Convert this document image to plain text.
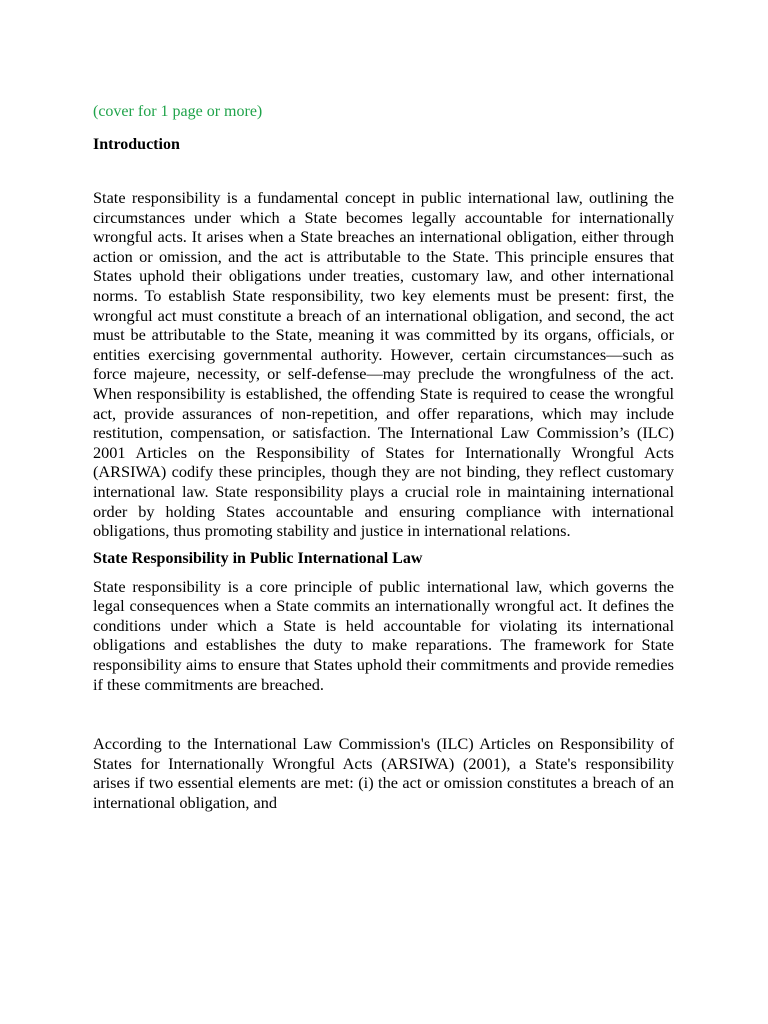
(cover for 1 page or more)

Introduction

State responsibility is a fundamental concept in public international law, outlining the circumstances under which a State becomes legally accountable for internationally wrongful acts. It arises when a State breaches an international obligation, either through action or omission, and the act is attributable to the State. This principle ensures that States uphold their obligations under treaties, customary law, and other international norms. To establish State responsibility, two key elements must be present: first, the wrongful act must constitute a breach of an international obligation, and second, the act must be attributable to the State, meaning it was committed by its organs, officials, or entities exercising governmental authority. However, certain circumstances—such as force majeure, necessity, or self-defense—may preclude the wrongfulness of the act. When responsibility is established, the offending State is required to cease the wrongful act, provide assurances of non-repetition, and offer reparations, which may include restitution, compensation, or satisfaction. The International Law Commission’s (ILC) 2001 Articles on the Responsibility of States for Internationally Wrongful Acts (ARSIWA) codify these principles, though they are not binding, they reflect customary international law. State responsibility plays a crucial role in maintaining international order by holding States accountable and ensuring compliance with international obligations, thus promoting stability and justice in international relations.

State Responsibility in Public International Law

State responsibility is a core principle of public international law, which governs the legal consequences when a State commits an internationally wrongful act. It defines the conditions under which a State is held accountable for violating its international obligations and establishes the duty to make reparations. The framework for State responsibility aims to ensure that States uphold their commitments and provide remedies if these commitments are breached.

According to the International Law Commission's (ILC) Articles on Responsibility of States for Internationally Wrongful Acts (ARSIWA) (2001), a State's responsibility arises if two essential elements are met: (i) the act or omission constitutes a breach of an international obligation, and
